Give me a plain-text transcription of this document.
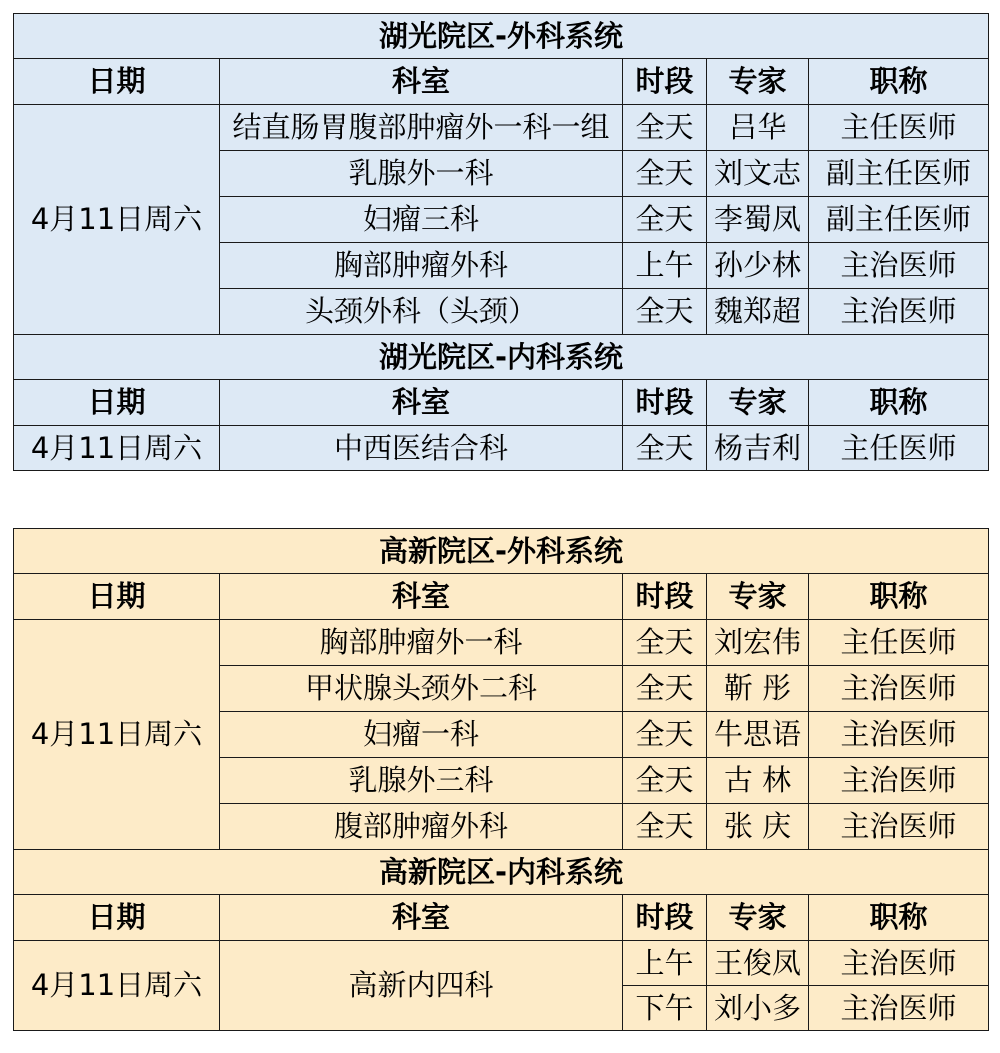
湖光院区-外科系统				
日期	科室	时段	专家	职称
4月11日周六	结直肠胃腹部肿瘤外一科一组	全天	吕华	主任医师
	乳腺外一科	全天	刘文志	副主任医师
	妇瘤三科	全天	李蜀凤	副主任医师
	胸部肿瘤外科	上午	孙少林	主治医师
	头颈外科（头颈）	全天	魏郑超	主治医师
湖光院区-内科系统				
日期	科室	时段	专家	职称
4月11日周六	中西医结合科	全天	杨吉利	主任医师
高新院区-外科系统				
日期	科室	时段	专家	职称
4月11日周六	胸部肿瘤外一科	全天	刘宏伟	主任医师
	甲状腺头颈外二科	全天	靳 彤	主治医师
	妇瘤一科	全天	牛思语	主治医师
	乳腺外三科	全天	古 林	主治医师
	腹部肿瘤外科	全天	张 庆	主治医师
高新院区-内科系统				
日期	科室	时段	专家	职称
4月11日周六	高新内四科	上午	王俊凤	主治医师
		下午	刘小多	主治医师
